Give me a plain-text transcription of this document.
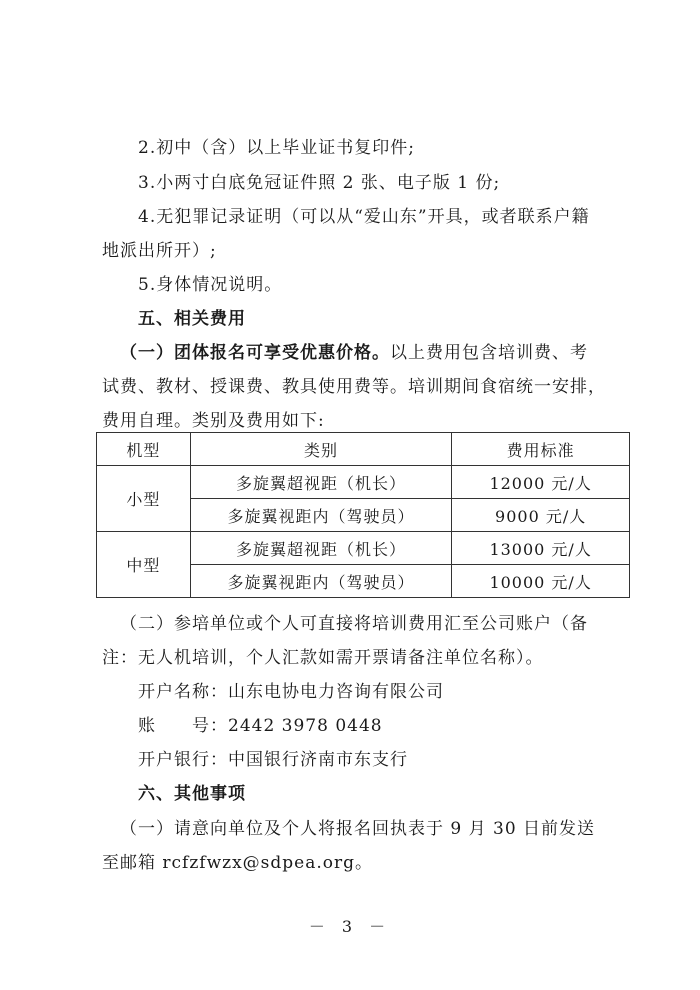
2.初中（含）以上毕业证书复印件;
3.小两寸白底免冠证件照 2 张、电子版 1 份;
4.无犯罪记录证明（可以从“爱山东”开具，或者联系户籍
地派出所开）;
5.身体情况说明。
五、相关费用
（一）团体报名可享受优惠价格。以上费用包含培训费、考
试费、教材、授课费、教具使用费等。培训期间食宿统一安排，
费用自理。类别及费用如下:
机型	类别	费用标准
小型	多旋翼超视距（机长）	12000 元/人
	多旋翼视距内（驾驶员）	9000 元/人
中型	多旋翼超视距（机长）	13000 元/人
	多旋翼视距内（驾驶员）	10000 元/人
（二）参培单位或个人可直接将培训费用汇至公司账户（备
注：无人机培训，个人汇款如需开票请备注单位名称）。
开户名称：山东电协电力咨询有限公司
账　　号：2442 3978 0448
开户银行：中国银行济南市东支行
六、其他事项
（一）请意向单位及个人将报名回执表于 9 月 30 日前发送
至邮箱 rcfzfwzx@sdpea.org。
－ 3 －
